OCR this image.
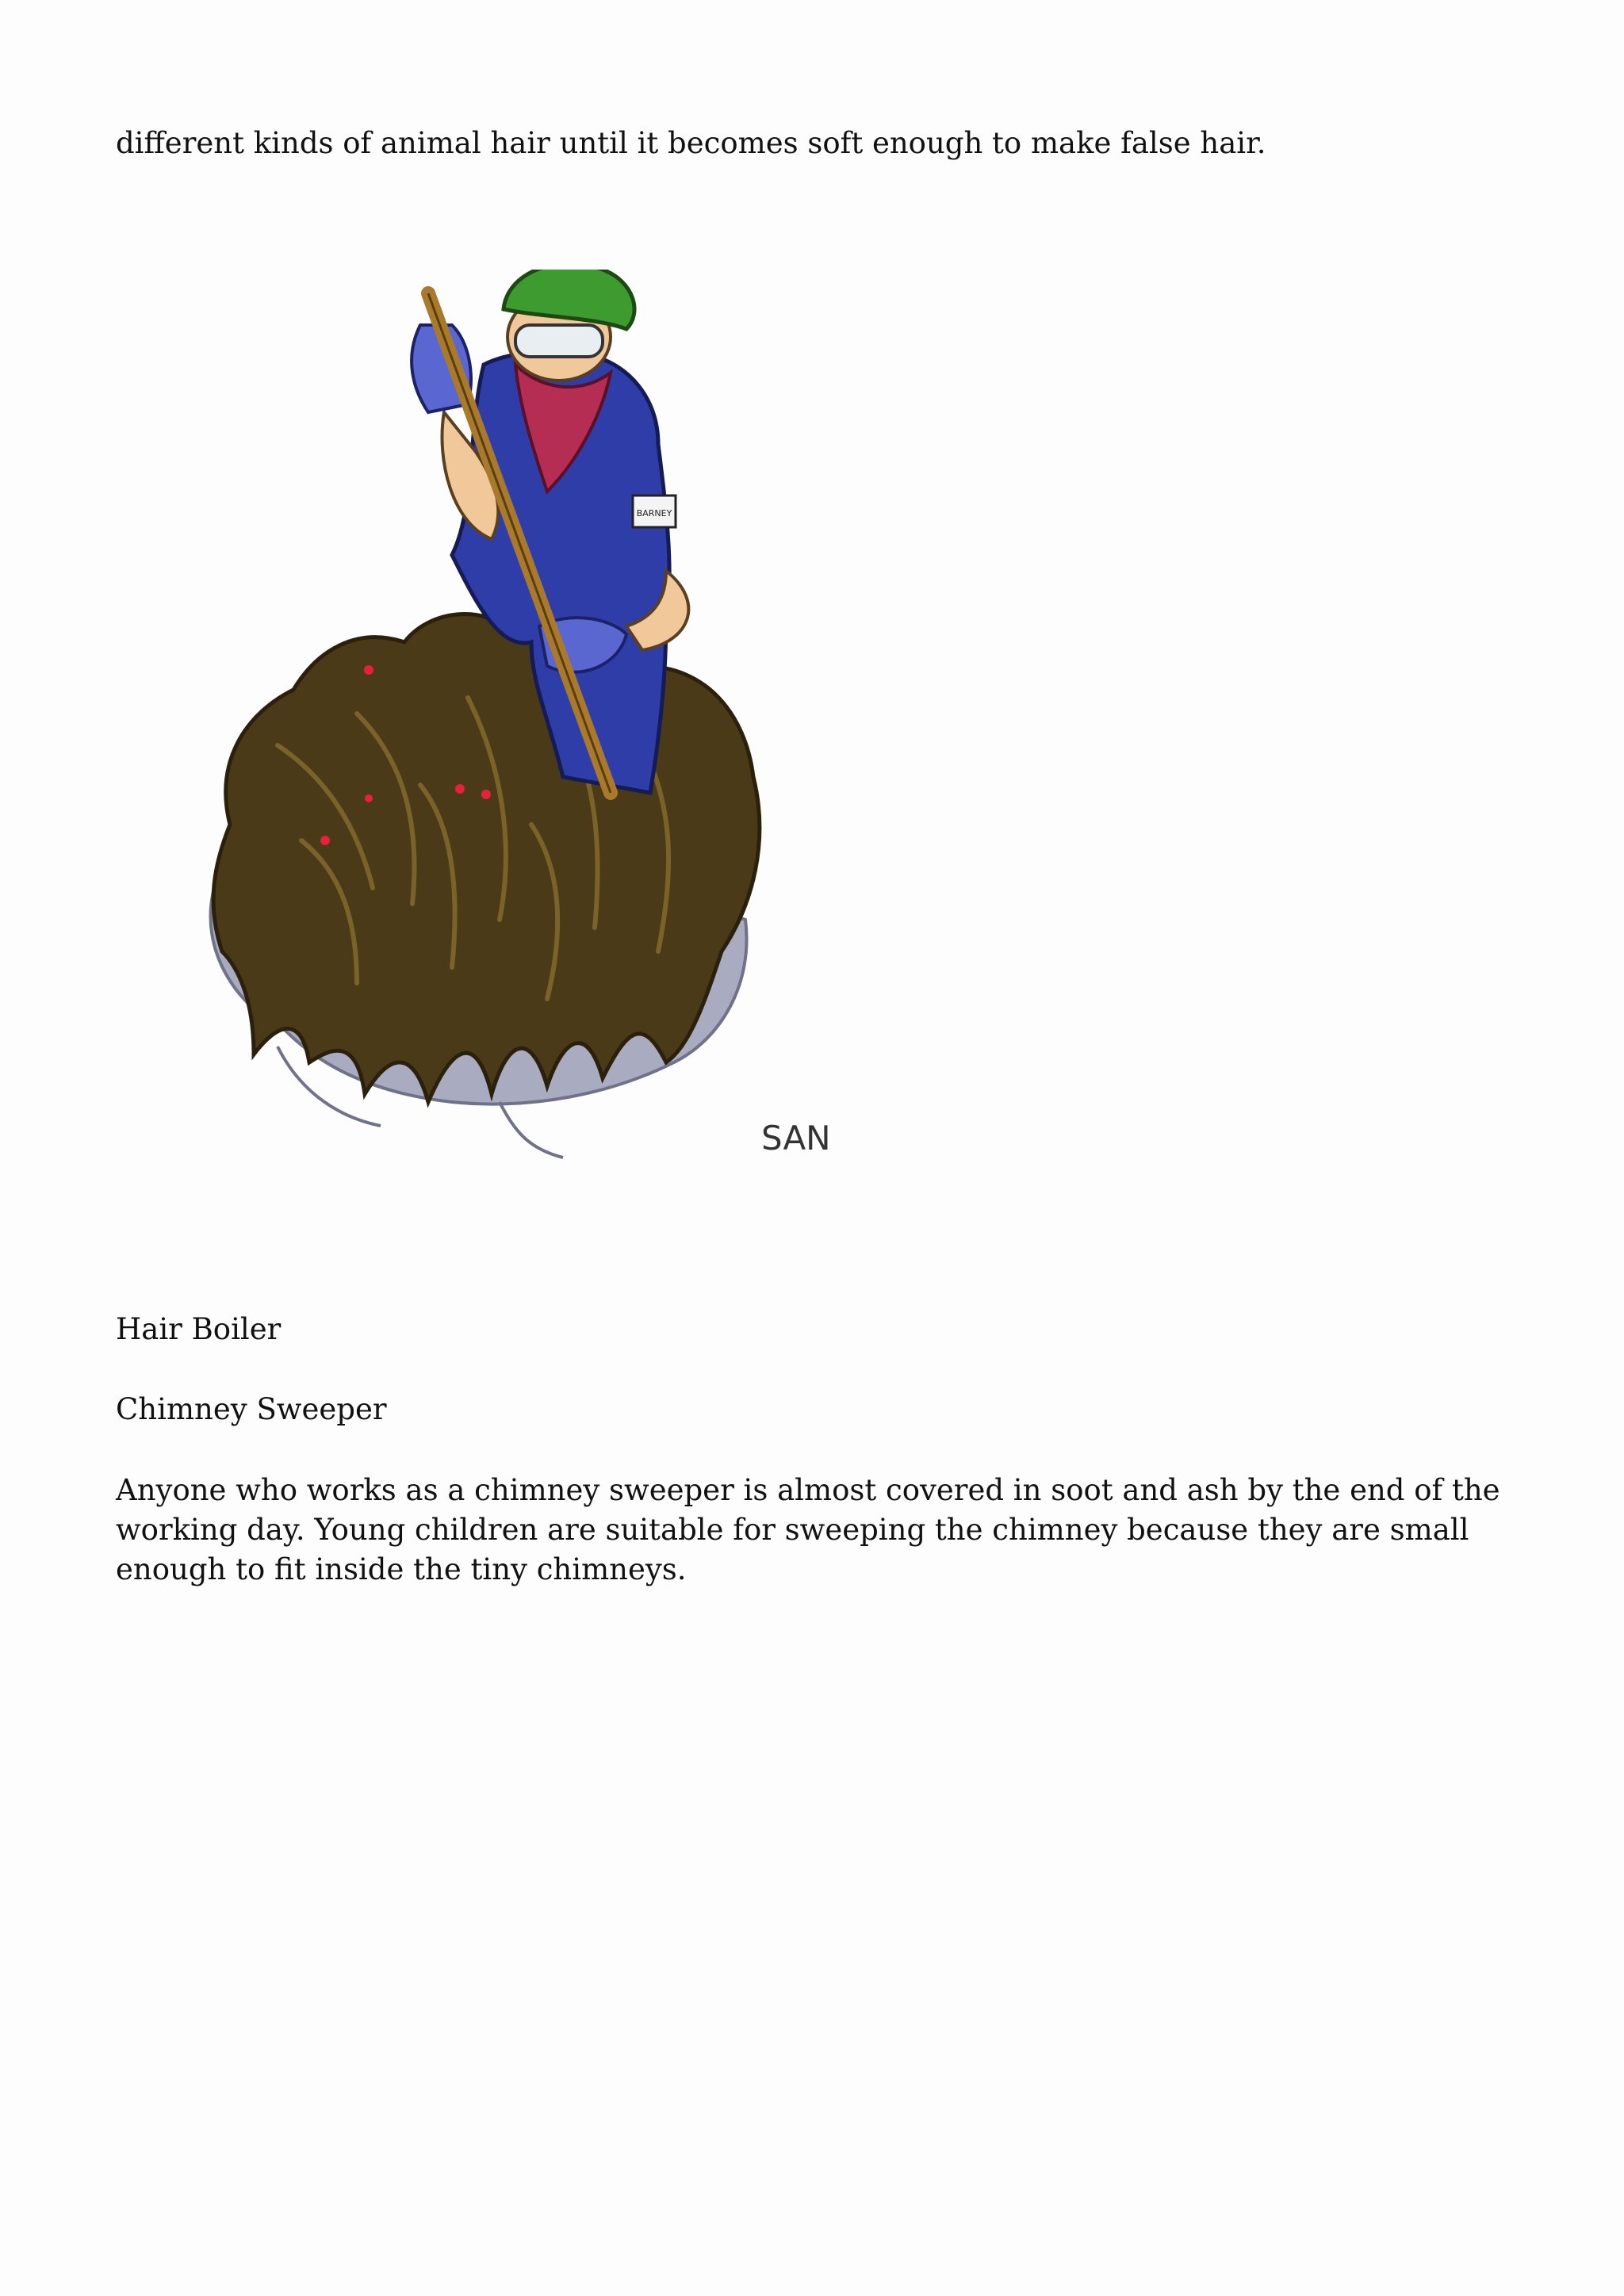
different kinds of animal hair until it becomes soft enough to make false hair.

BARNEY
SAN

Hair Boiler

Chimney Sweeper

Anyone who works as a chimney sweeper is almost covered in soot and ash by the end of the working day. Young children are suitable for sweeping the chimney because they are small enough to fit inside the tiny chimneys.
